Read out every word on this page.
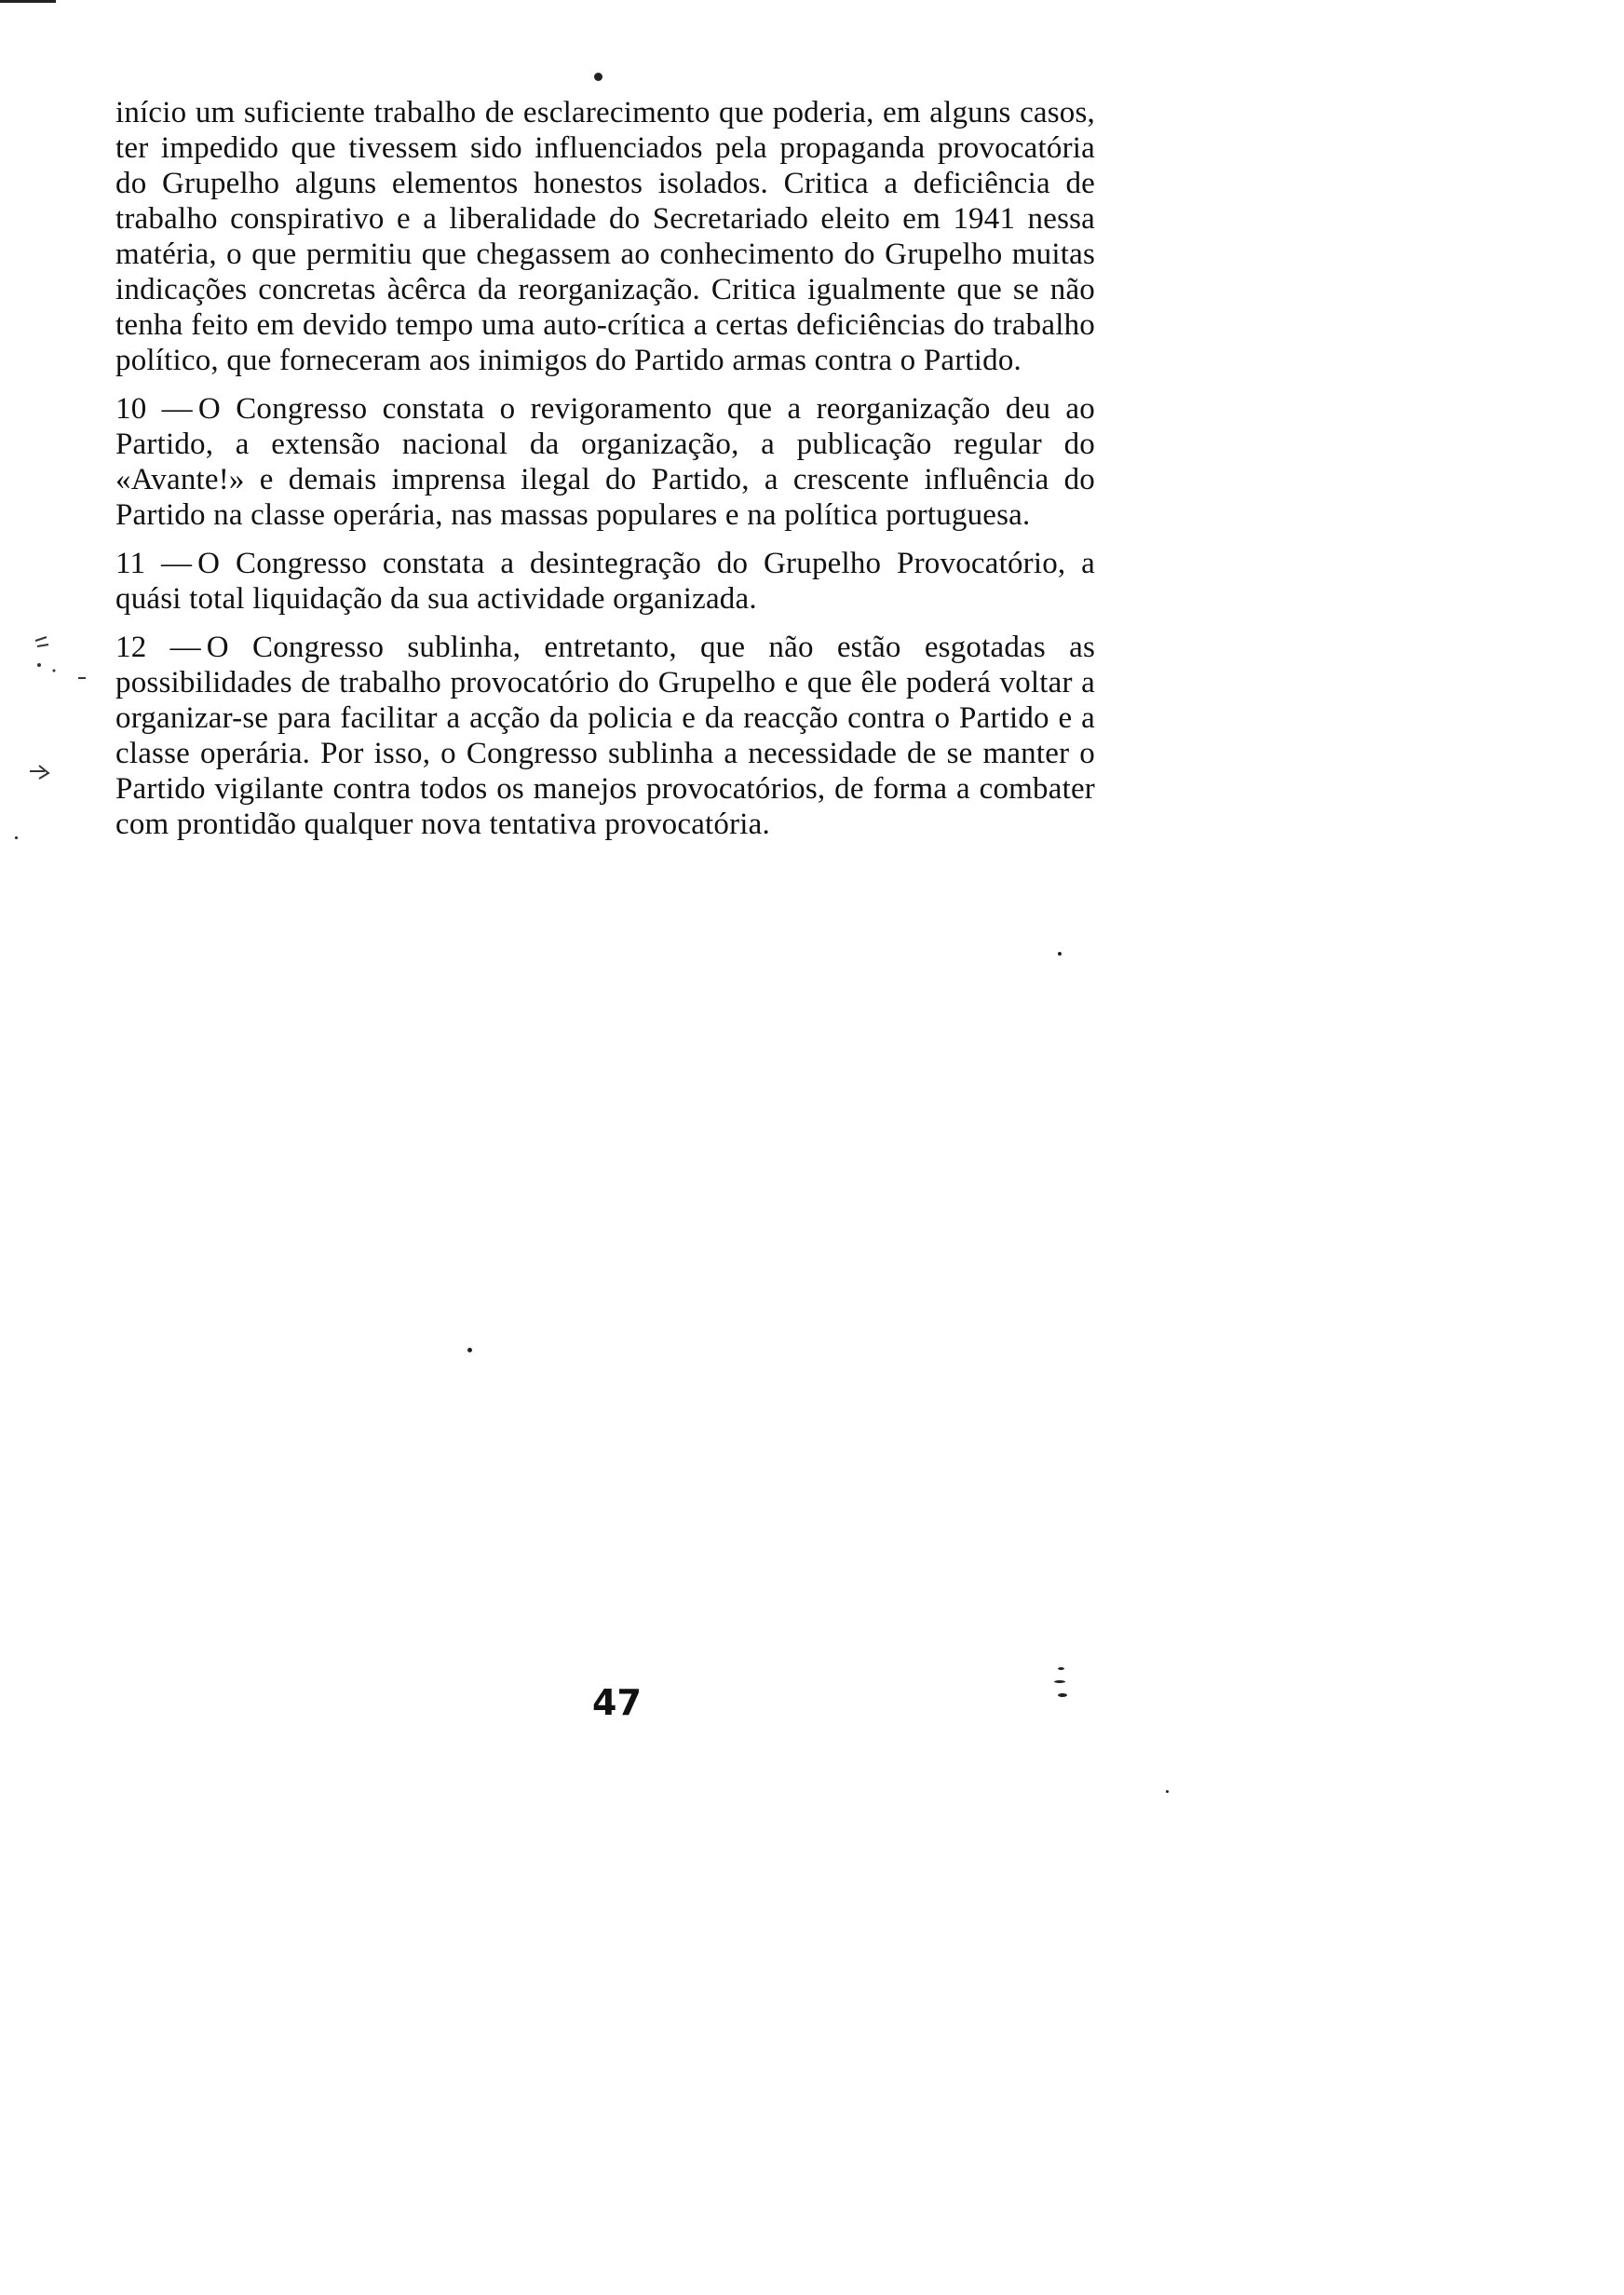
início um suficiente trabalho de esclarecimento que poderia, em alguns casos, ter impedido que tivessem sido influenciados pela propaganda provocatória do Grupelho alguns elementos honestos isolados. Critica a deficiência de trabalho conspirativo e a liberalidade do Secretariado eleito em 1941 nessa matéria, o que permitiu que chegassem ao conhecimento do Grupelho muitas indicações concretas àcêrca da reorganização. Critica igualmente que se não tenha feito em devido tempo uma auto-crítica a certas deficiências do trabalho político, que forneceram aos inimigos do Partido armas contra o Partido.

10 — O Congresso constata o revigoramento que a reorganização deu ao Partido, a extensão nacional da organização, a publicação regular do «Avante!» e demais imprensa ilegal do Partido, a crescente influência do Partido na classe operária, nas massas populares e na política portuguesa.

11 — O Congresso constata a desintegração do Grupelho Provocatório, a quási total liquidação da sua actividade organizada.

12 — O Congresso sublinha, entretanto, que não estão esgotadas as possibilidades de trabalho provocatório do Grupelho e que êle poderá voltar a organizar-se para facilitar a acção da policia e da reacção contra o Partido e a classe operária. Por isso, o Congresso sublinha a necessidade de se manter o Partido vigilante contra todos os manejos provocatórios, de forma a combater com prontidão qualquer nova tentativa provocatória.

47
